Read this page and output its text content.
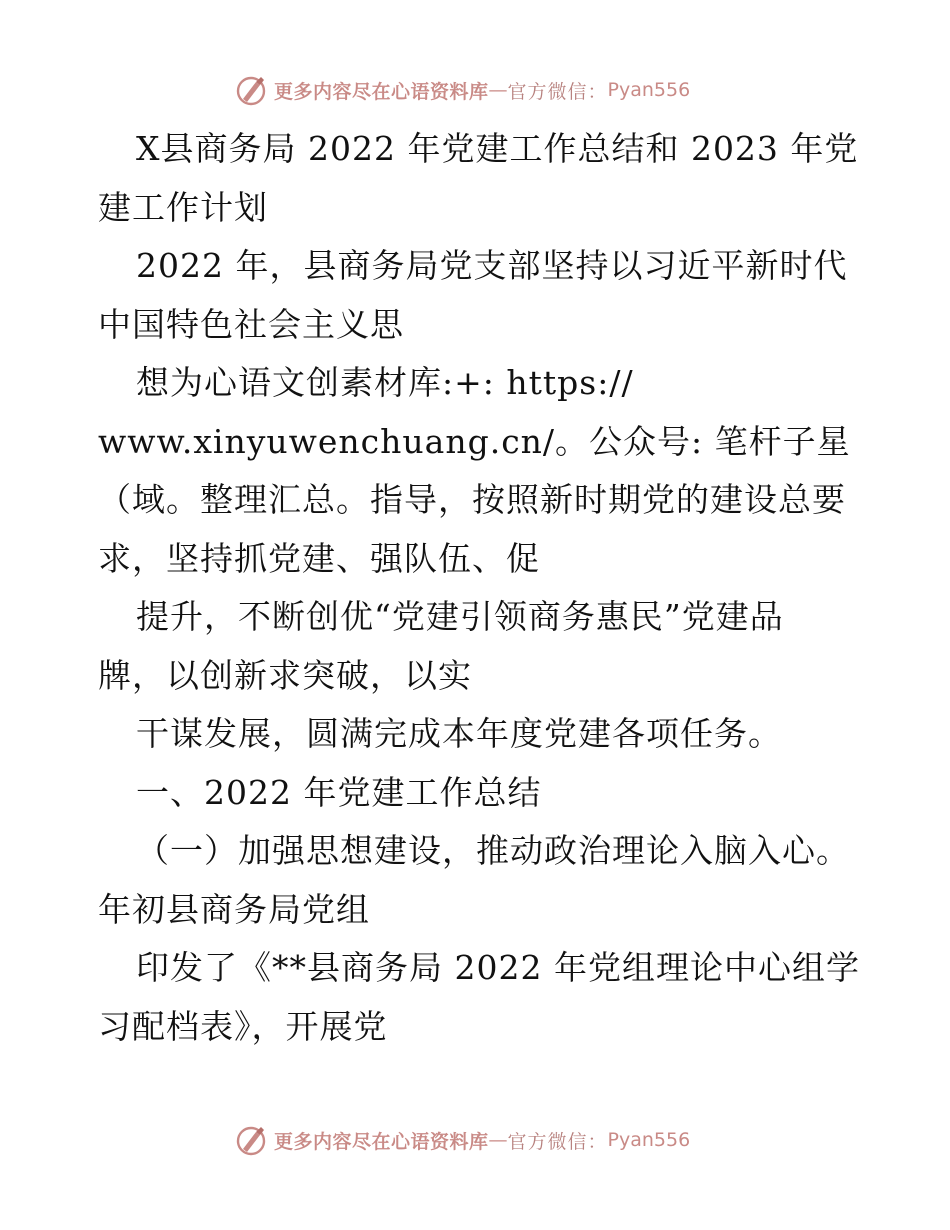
更多内容尽在心语资料库 — 官方微信： Pyan556
X县商务局 2022 年党建工作总结和 2023 年党
建工作计划
2022 年，县商务局党支部坚持以习近平新时代
中国特色社会主义思
想为心语文创素材库:+: https://
www.xinyuwenchuang.cn/。公众号: 笔杆子星
（域。整理汇总。指导，按照新时期党的建设总要
求，坚持抓党建、强队伍、促
提升，不断创优“党建引领商务惠民”党建品
牌，以创新求突破，以实
干谋发展，圆满完成本年度党建各项任务。
一、2022 年党建工作总结
（一）加强思想建设，推动政治理论入脑入心。
年初县商务局党组
印发了《**县商务局 2022 年党组理论中心组学
习配档表》，开展党
更多内容尽在心语资料库 — 官方微信： Pyan556
